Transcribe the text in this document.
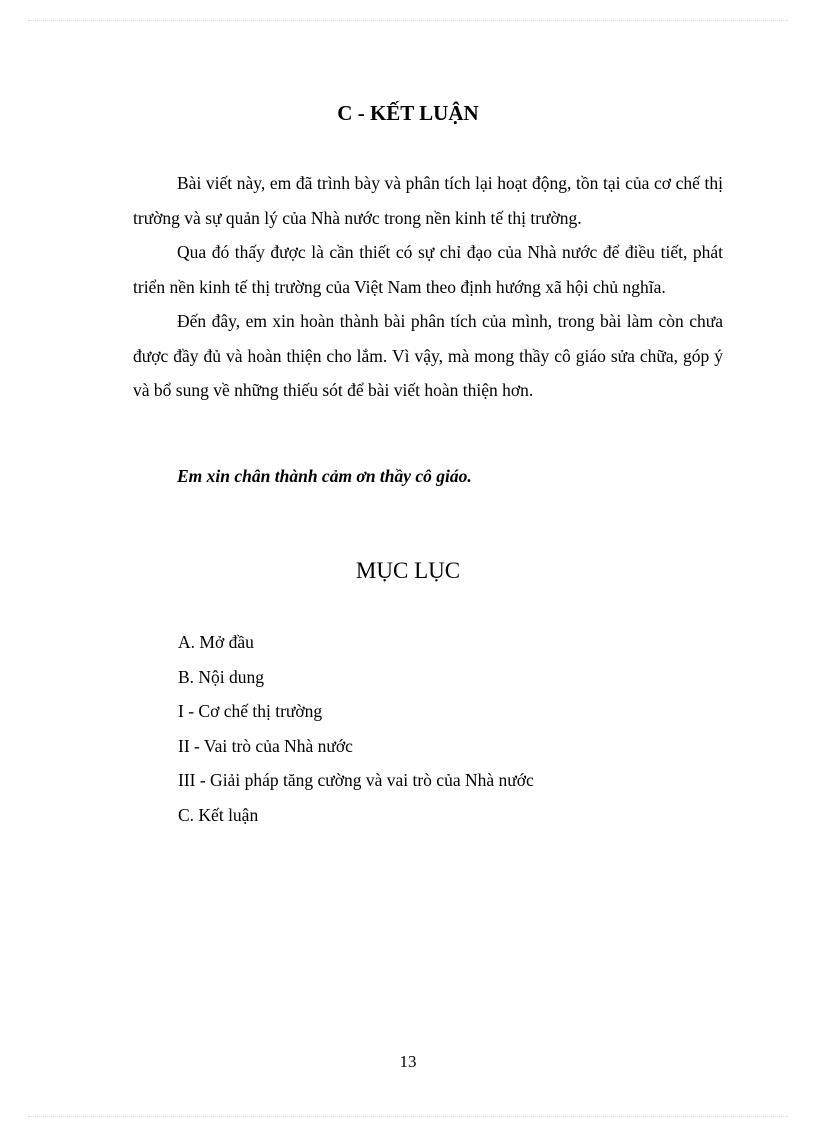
C - KẾT LUẬN

Bài viết này, em đã trình bày và phân tích lại hoạt động, tồn tại của cơ chế thị trường và sự quản lý của Nhà nước trong nền kinh tế thị trường.

Qua đó thấy được là cần thiết có sự chỉ đạo của Nhà nước để điều tiết, phát triển nền kinh tế thị trường của Việt Nam theo định hướng xã hội chủ nghĩa.

Đến đây, em xin hoàn thành bài phân tích của mình, trong bài làm còn chưa được đầy đủ và hoàn thiện cho lắm. Vì vậy, mà mong thầy cô giáo sửa chữa, góp ý và bổ sung về những thiếu sót để bài viết hoàn thiện hơn.

Em xin chân thành cảm ơn thầy cô giáo.

MỤC LỤC
A. Mở đầu
B. Nội dung
I - Cơ chế thị trường
II - Vai trò của Nhà nước
III - Giải pháp tăng cường và vai trò của Nhà nước
C. Kết luận
13
